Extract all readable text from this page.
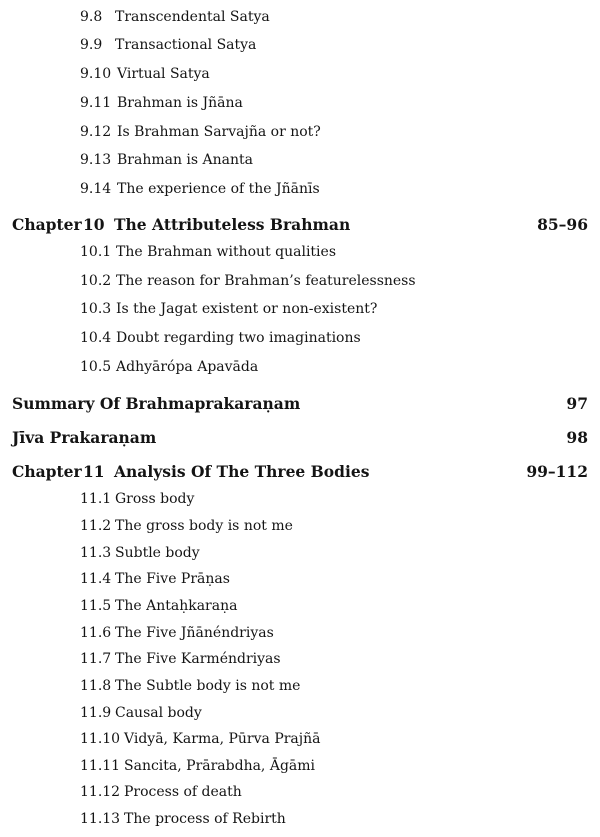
9.8 Transcendental Satya
9.9 Transactional Satya
9.10 Virtual Satya
9.11 Brahman is Jñāna
9.12 Is Brahman Sarvajña or not?
9.13 Brahman is Ananta
9.14 The experience of the Jñānīs
Chapter 10 The Attributeless Brahman	85–96
10.1 The Brahman without qualities
10.2 The reason for Brahman’s featurelessness
10.3 Is the Jagat existent or non-existent?
10.4 Doubt regarding two imaginations
10.5 Adhyārópa Apavāda
Summary Of Brahmaprakaraṇam	97
Jīva Prakaraṇam	98
Chapter 11 Analysis Of The Three Bodies	99–112
11.1 Gross body
11.2 The gross body is not me
11.3 Subtle body
11.4 The Five Prāṇas
11.5 The Antaḥkaraṇa
11.6 The Five Jñānéndriyas
11.7 The Five Karméndriyas
11.8 The Subtle body is not me
11.9 Causal body
11.10 Vidyā, Karma, Pūrva Prajñā
11.11 Sancita, Prārabdha, Āgāmi
11.12 Process of death
11.13 The process of Rebirth
